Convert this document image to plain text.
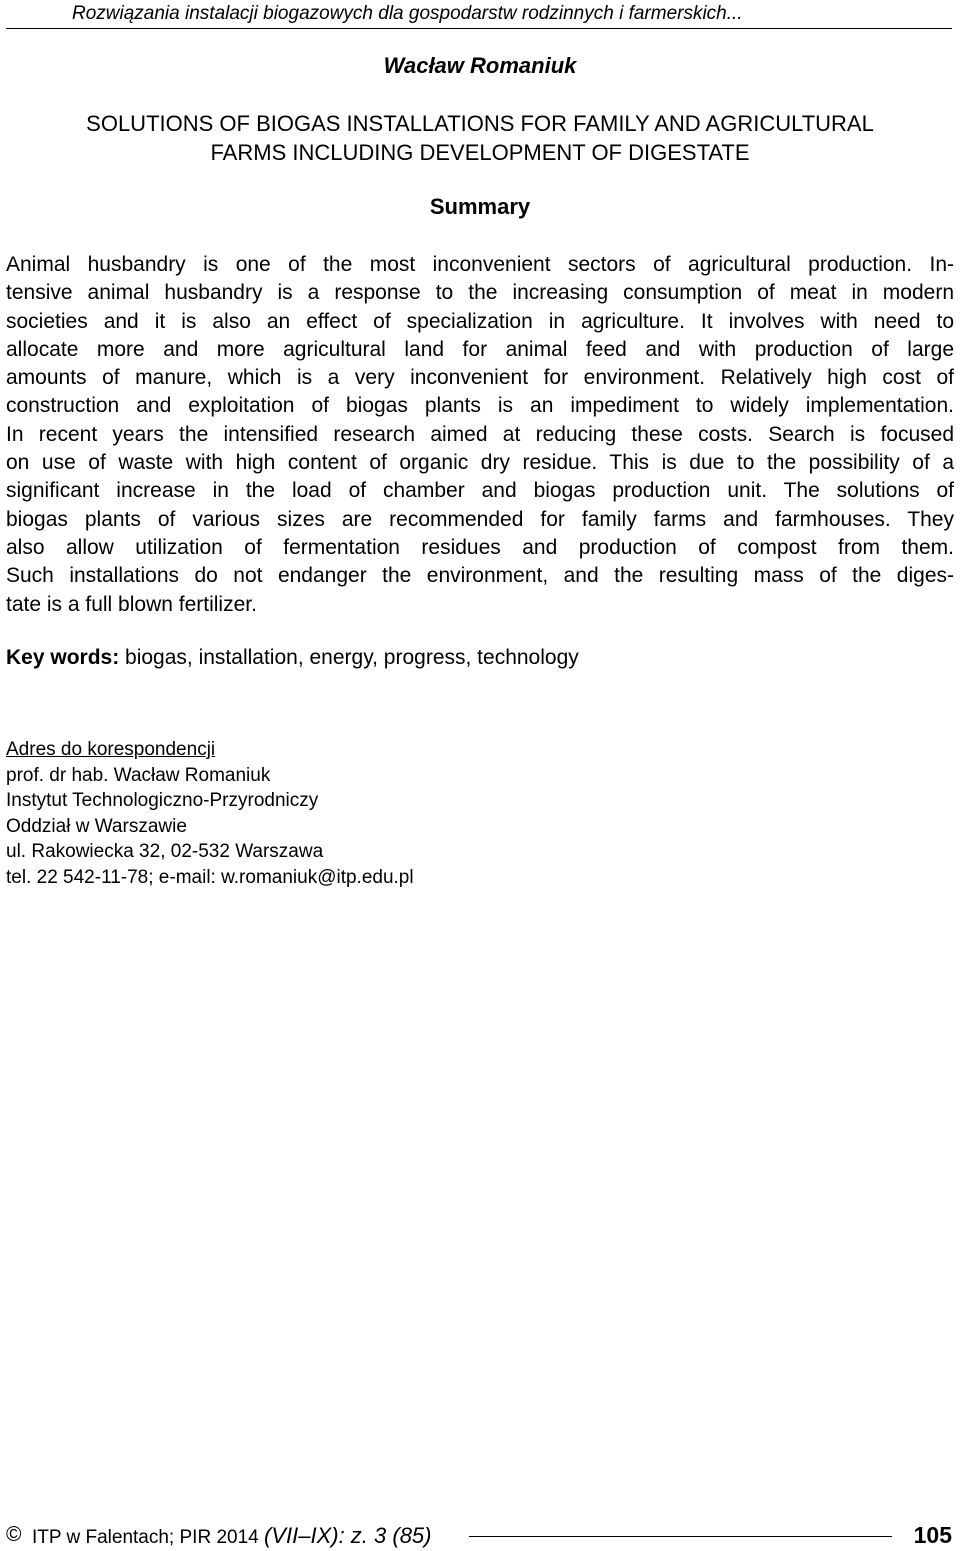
Rozwiązania instalacji biogazowych dla gospodarstw rodzinnych i farmerskich...
Wacław Romaniuk
SOLUTIONS OF BIOGAS INSTALLATIONS FOR FAMILY AND AGRICULTURAL
FARMS INCLUDING DEVELOPMENT OF DIGESTATE
Summary

Animal husbandry is one of the most inconvenient sectors of agricultural production. In-
tensive animal husbandry is a response to the increasing consumption of meat in modern
societies and it is also an effect of specialization in agriculture. It involves with need to
allocate more and more agricultural land for animal feed and with production of large
amounts of manure, which is a very inconvenient for environment. Relatively high cost of
construction and exploitation of biogas plants is an impediment to widely implementation.
In recent years the intensified research aimed at reducing these costs. Search is focused
on use of waste with high content of organic dry residue. This is due to the possibility of a
significant increase in the load of chamber and biogas production unit. The solutions of
biogas plants of various sizes are recommended for family farms and farmhouses. They
also allow utilization of fermentation residues and production of compost from them.
Such installations do not endanger the environment, and the resulting mass of the diges-
tate is a full blown fertilizer.

Key words: biogas, installation, energy, progress, technology
Adres do korespondencji
prof. dr hab. Wacław Romaniuk
Instytut Technologiczno-Przyrodniczy
Oddział w Warszawie
ul. Rakowiecka 32, 02-532 Warszawa
tel. 22 542-11-78; e-mail: w.romaniuk@itp.edu.pl
© ITP w Falentach; PIR 2014 (VII–IX): z. 3 (85)	105
